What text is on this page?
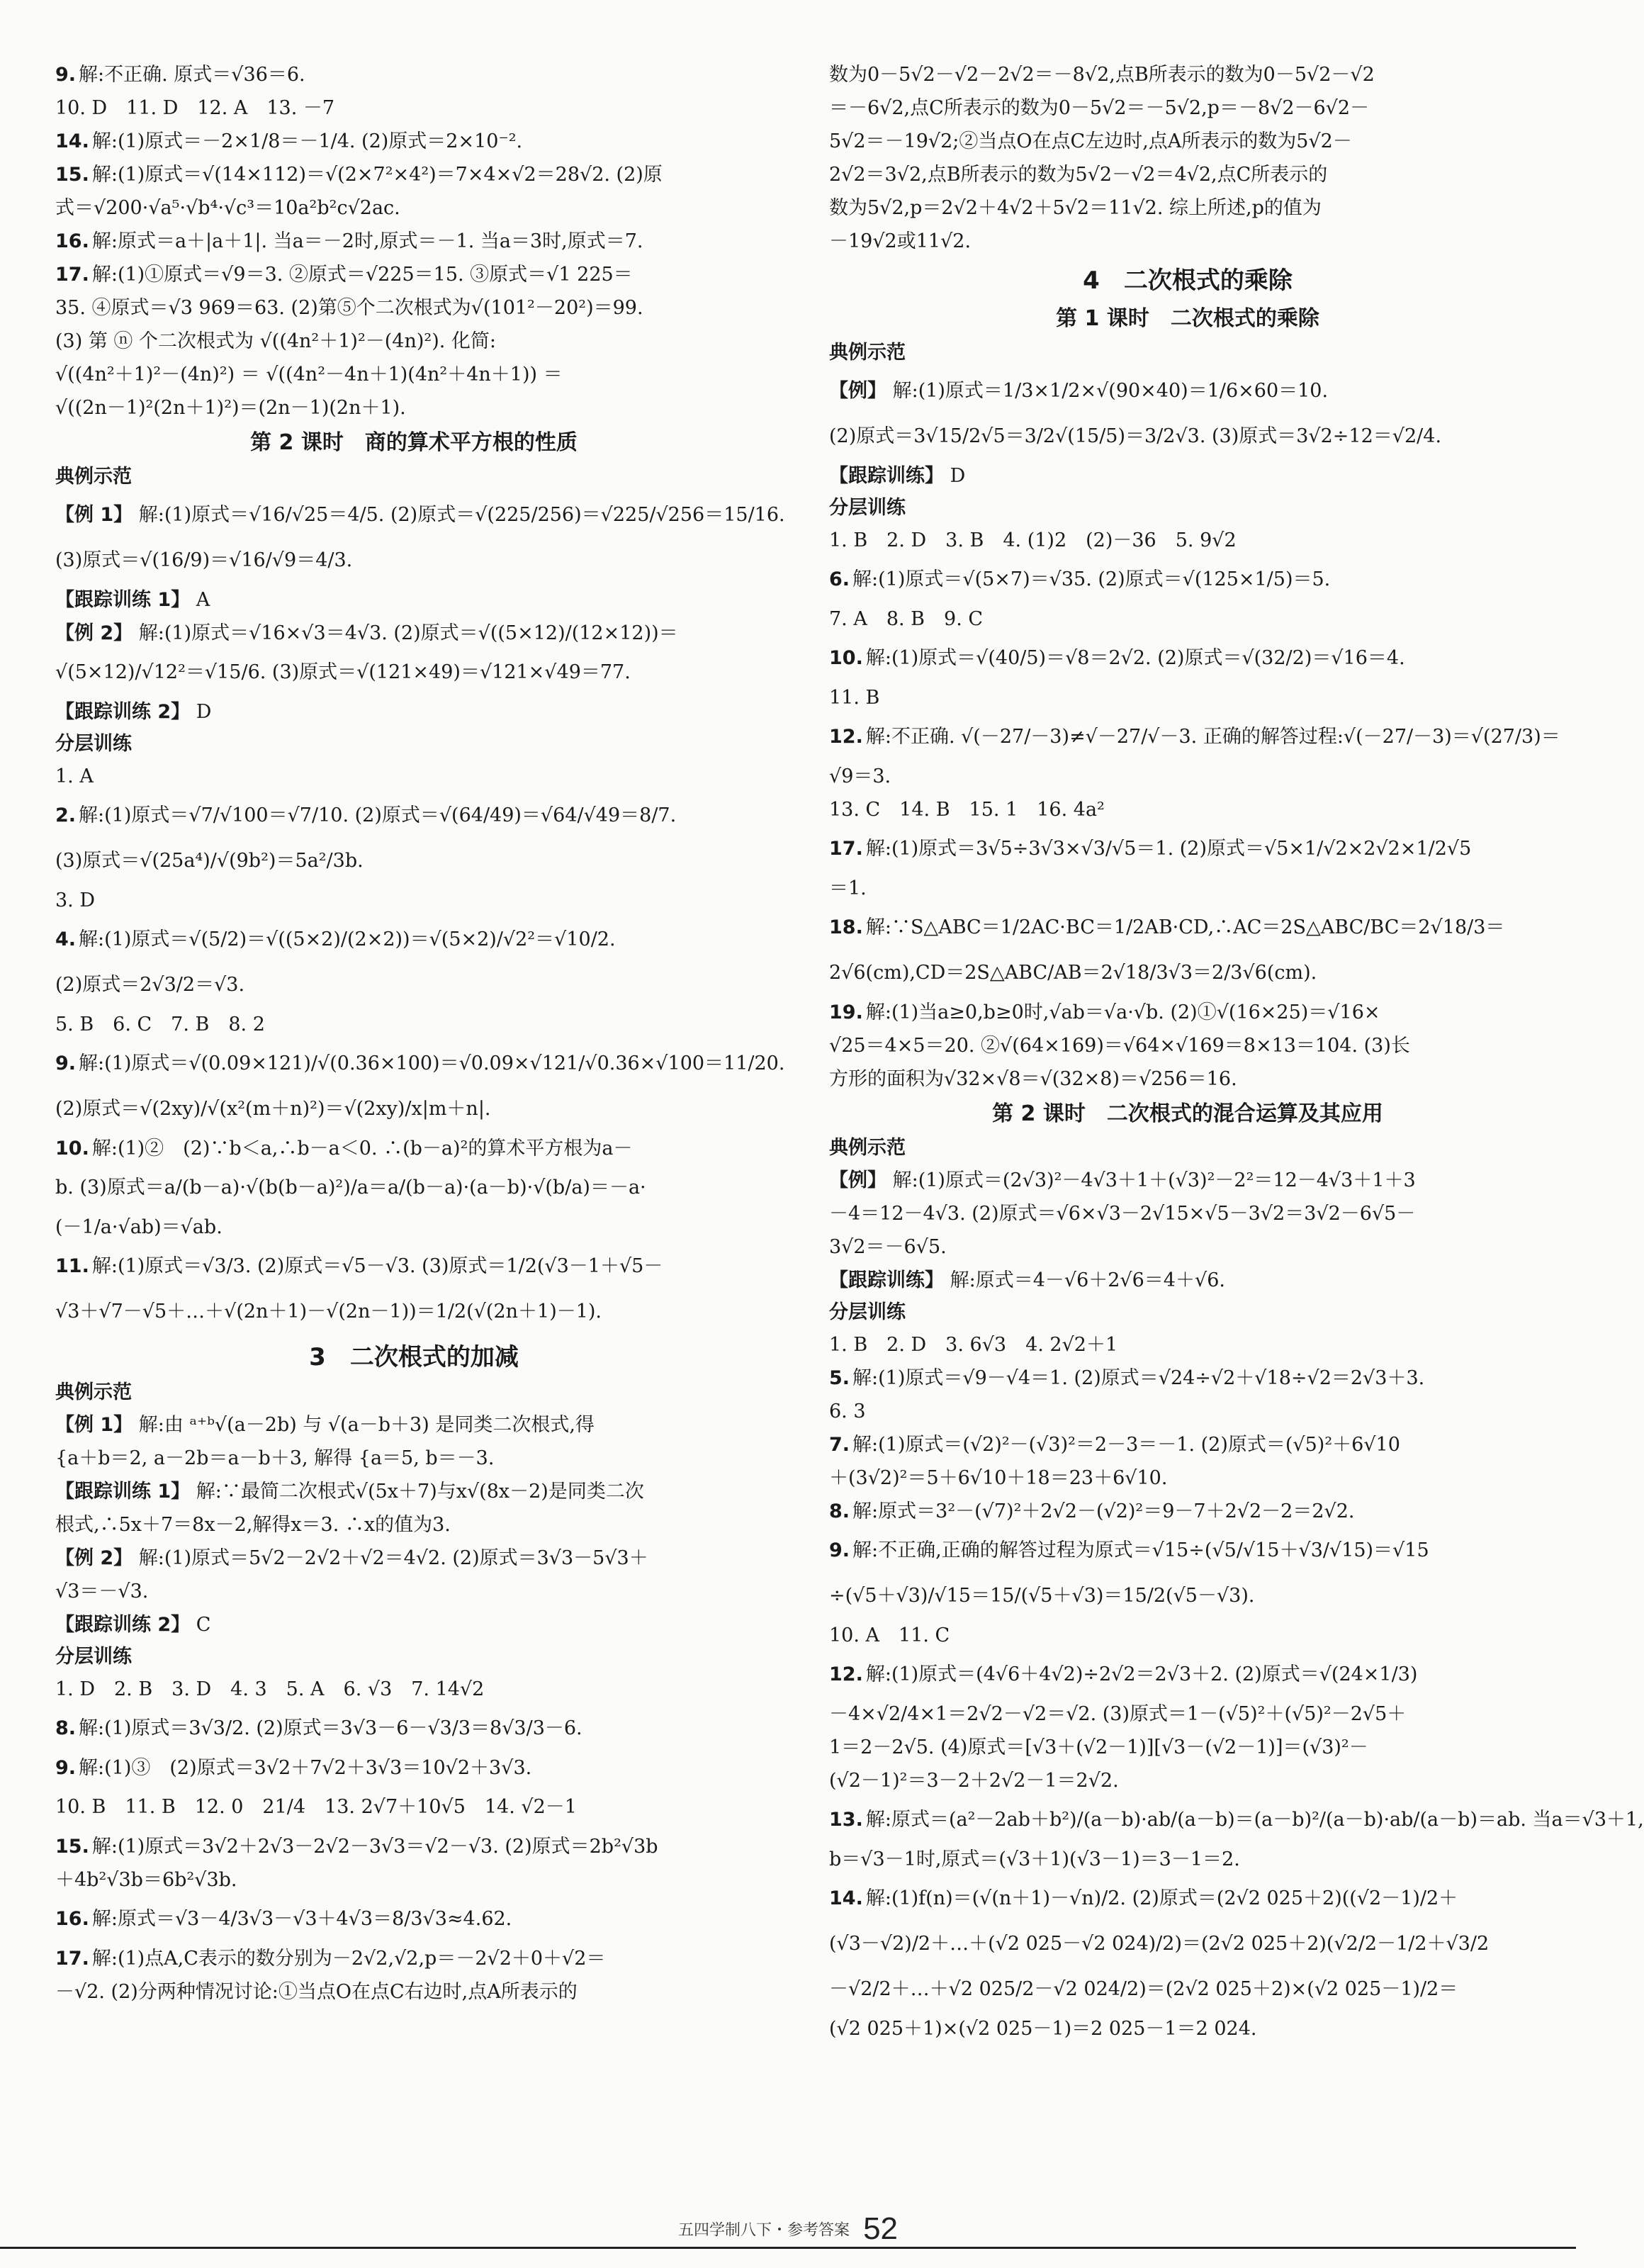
9. 解:不正确. 原式＝√36＝6.
10. D　11. D　12. A　13. －7
14. 解:(1)原式＝－2×1/8＝－1/4. (2)原式＝2×10⁻².
15. 解:(1)原式＝√(14×112)＝√(2×7²×4²)＝7×4×√2＝28√2. (2)原
式＝√200·√a⁵·√b⁴·√c³＝10a²b²c√2ac.
16. 解:原式＝a＋|a＋1|. 当a＝－2时,原式＝－1. 当a＝3时,原式＝7.
17. 解:(1)①原式＝√9＝3. ②原式＝√225＝15. ③原式＝√1 225＝
35. ④原式＝√3 969＝63. (2)第⑤个二次根式为√(101²－20²)＝99.
(3) 第 ⓝ 个二次根式为 √((4n²＋1)²－(4n)²). 化简:
√((4n²＋1)²－(4n)²) ＝ √((4n²－4n＋1)(4n²＋4n＋1)) ＝
√((2n－1)²(2n＋1)²)＝(2n－1)(2n＋1).
第 2 课时　商的算术平方根的性质
典例示范
【例 1】 解:(1)原式＝√16/√25＝4/5. (2)原式＝√(225/256)＝√225/√256＝15/16.
(3)原式＝√(16/9)＝√16/√9＝4/3.
【跟踪训练 1】 A
【例 2】 解:(1)原式＝√16×√3＝4√3. (2)原式＝√((5×12)/(12×12))＝
√(5×12)/√12²＝√15/6. (3)原式＝√(121×49)＝√121×√49＝77.
【跟踪训练 2】 D
分层训练
1. A
2. 解:(1)原式＝√7/√100＝√7/10. (2)原式＝√(64/49)＝√64/√49＝8/7.
(3)原式＝√(25a⁴)/√(9b²)＝5a²/3b.
3. D
4. 解:(1)原式＝√(5/2)＝√((5×2)/(2×2))＝√(5×2)/√2²＝√10/2.
(2)原式＝2√3/2＝√3.
5. B　6. C　7. B　8. 2
9. 解:(1)原式＝√(0.09×121)/√(0.36×100)＝√0.09×√121/√0.36×√100＝11/20.
(2)原式＝√(2xy)/√(x²(m＋n)²)＝√(2xy)/x|m＋n|.
10. 解:(1)②　(2)∵b＜a,∴b－a＜0. ∴(b－a)²的算术平方根为a－
b. (3)原式＝a/(b－a)·√(b(b－a)²)/a＝a/(b－a)·(a－b)·√(b/a)＝－a·
(－1/a·√ab)＝√ab.
11. 解:(1)原式＝√3/3. (2)原式＝√5－√3. (3)原式＝1/2(√3－1＋√5－
√3＋√7－√5＋…＋√(2n＋1)－√(2n－1))＝1/2(√(2n＋1)－1).
3　二次根式的加减
典例示范
【例 1】 解:由 ᵃ⁺ᵇ√(a－2b) 与 √(a－b＋3) 是同类二次根式,得
{a＋b＝2, a－2b＝a－b＋3, 解得 {a＝5, b＝－3.
【跟踪训练 1】 解:∵最简二次根式√(5x＋7)与x√(8x－2)是同类二次
根式,∴5x＋7＝8x－2,解得x＝3. ∴x的值为3.
【例 2】 解:(1)原式＝5√2－2√2＋√2＝4√2. (2)原式＝3√3－5√3＋
√3＝－√3.
【跟踪训练 2】 C
分层训练
1. D　2. B　3. D　4. 3　5. A　6. √3　7. 14√2
8. 解:(1)原式＝3√3/2. (2)原式＝3√3－6－√3/3＝8√3/3－6.
9. 解:(1)③　(2)原式＝3√2＋7√2＋3√3＝10√2＋3√3.
10. B　11. B　12. 0　21/4　13. 2√7＋10√5　14. √2－1
15. 解:(1)原式＝3√2＋2√3－2√2－3√3＝√2－√3. (2)原式＝2b²√3b
＋4b²√3b＝6b²√3b.
16. 解:原式＝√3－4/3√3－√3＋4√3＝8/3√3≈4.62.
17. 解:(1)点A,C表示的数分别为－2√2,√2,p＝－2√2＋0＋√2＝
－√2. (2)分两种情况讨论:①当点O在点C右边时,点A所表示的
数为0－5√2－√2－2√2＝－8√2,点B所表示的数为0－5√2－√2
＝－6√2,点C所表示的数为0－5√2＝－5√2,p＝－8√2－6√2－
5√2＝－19√2;②当点O在点C左边时,点A所表示的数为5√2－
2√2＝3√2,点B所表示的数为5√2－√2＝4√2,点C所表示的
数为5√2,p＝2√2＋4√2＋5√2＝11√2. 综上所述,p的值为
－19√2或11√2.
4　二次根式的乘除
第 1 课时　二次根式的乘除
典例示范
【例】 解:(1)原式＝1/3×1/2×√(90×40)＝1/6×60＝10.
(2)原式＝3√15/2√5＝3/2√(15/5)＝3/2√3. (3)原式＝3√2÷12＝√2/4.
【跟踪训练】 D
分层训练
1. B　2. D　3. B　4. (1)2　(2)－36　5. 9√2
6. 解:(1)原式＝√(5×7)＝√35. (2)原式＝√(125×1/5)＝5.
7. A　8. B　9. C
10. 解:(1)原式＝√(40/5)＝√8＝2√2. (2)原式＝√(32/2)＝√16＝4.
11. B
12. 解:不正确. √(－27/－3)≠√－27/√－3. 正确的解答过程:√(－27/－3)＝√(27/3)＝
√9＝3.
13. C　14. B　15. 1　16. 4a²
17. 解:(1)原式＝3√5÷3√3×√3/√5＝1. (2)原式＝√5×1/√2×2√2×1/2√5
＝1.
18. 解:∵S△ABC＝1/2AC·BC＝1/2AB·CD,∴AC＝2S△ABC/BC＝2√18/3＝
2√6(cm),CD＝2S△ABC/AB＝2√18/3√3＝2/3√6(cm).
19. 解:(1)当a≥0,b≥0时,√ab＝√a·√b. (2)①√(16×25)＝√16×
√25＝4×5＝20. ②√(64×169)＝√64×√169＝8×13＝104. (3)长
方形的面积为√32×√8＝√(32×8)＝√256＝16.
第 2 课时　二次根式的混合运算及其应用
典例示范
【例】 解:(1)原式＝(2√3)²－4√3＋1＋(√3)²－2²＝12－4√3＋1＋3
－4＝12－4√3. (2)原式＝√6×√3－2√15×√5－3√2＝3√2－6√5－
3√2＝－6√5.
【跟踪训练】 解:原式＝4－√6＋2√6＝4＋√6.
分层训练
1. B　2. D　3. 6√3　4. 2√2＋1
5. 解:(1)原式＝√9－√4＝1. (2)原式＝√24÷√2＋√18÷√2＝2√3＋3.
6. 3
7. 解:(1)原式＝(√2)²－(√3)²＝2－3＝－1. (2)原式＝(√5)²＋6√10
＋(3√2)²＝5＋6√10＋18＝23＋6√10.
8. 解:原式＝3²－(√7)²＋2√2－(√2)²＝9－7＋2√2－2＝2√2.
9. 解:不正确,正确的解答过程为原式＝√15÷(√5/√15＋√3/√15)＝√15
÷(√5＋√3)/√15＝15/(√5＋√3)＝15/2(√5－√3).
10. A　11. C
12. 解:(1)原式＝(4√6＋4√2)÷2√2＝2√3＋2. (2)原式＝√(24×1/3)
－4×√2/4×1＝2√2－√2＝√2. (3)原式＝1－(√5)²＋(√5)²－2√5＋
1＝2－2√5. (4)原式＝[√3＋(√2－1)][√3－(√2－1)]＝(√3)²－
(√2－1)²＝3－2＋2√2－1＝2√2.
13. 解:原式＝(a²－2ab＋b²)/(a－b)·ab/(a－b)＝(a－b)²/(a－b)·ab/(a－b)＝ab. 当a＝√3＋1,
b＝√3－1时,原式＝(√3＋1)(√3－1)＝3－1＝2.
14. 解:(1)f(n)＝(√(n＋1)－√n)/2. (2)原式＝(2√2 025＋2)((√2－1)/2＋
(√3－√2)/2＋…＋(√2 025－√2 024)/2)＝(2√2 025＋2)(√2/2－1/2＋√3/2
－√2/2＋…＋√2 025/2－√2 024/2)＝(2√2 025＋2)×(√2 025－1)/2＝
(√2 025＋1)×(√2 025－1)＝2 025－1＝2 024.
五四学制八下・参考答案 52
